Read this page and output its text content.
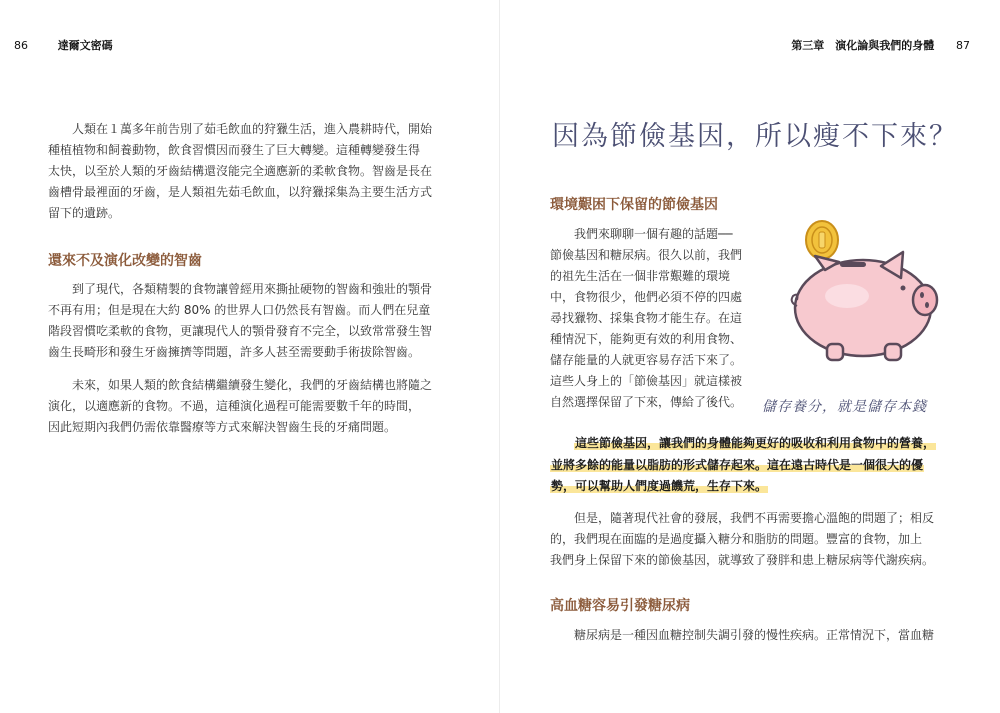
86	達爾文密碼
人類在１萬多年前告別了茹毛飲血的狩獵生活，進入農耕時代，開始
種植植物和飼養動物，飲食習慣因而發生了巨大轉變。這種轉變發生得
太快，以至於人類的牙齒結構還沒能完全適應新的柔軟食物。智齒是長在
齒槽骨最裡面的牙齒，是人類祖先茹毛飲血，以狩獵採集為主要生活方式
留下的遺跡。
還來不及演化改變的智齒
到了現代，各類精製的食物讓曾經用來撕扯硬物的智齒和強壯的顎骨
不再有用；但是現在大約 80% 的世界人口仍然長有智齒。而人們在兒童
階段習慣吃柔軟的食物，更讓現代人的顎骨發育不完全，以致常常發生智
齒生長畸形和發生牙齒擁擠等問題，許多人甚至需要動手術拔除智齒。
未來，如果人類的飲食結構繼續發生變化，我們的牙齒結構也將隨之
演化，以適應新的食物。不過，這種演化過程可能需要數千年的時間，
因此短期內我們仍需依靠醫療等方式來解決智齒生長的牙痛問題。
第三章　演化論與我們的身體 87
因為節儉基因，所以瘦不下來？
環境艱困下保留的節儉基因
我們來聊聊一個有趣的話題──
節儉基因和糖尿病。很久以前，我們
的祖先生活在一個非常艱難的環境
中，食物很少，他們必須不停的四處
尋找獵物、採集食物才能生存。在這
種情況下，能夠更有效的利用食物、
儲存能量的人就更容易存活下來了。
這些人身上的「節儉基因」就這樣被
自然選擇保留了下來，傳給了後代。 儲存養分，就是儲存本錢
這些節儉基因，讓我們的身體能夠更好的吸收和利用食物中的營養，
並將多餘的能量以脂肪的形式儲存起來。這在遠古時代是一個很大的優
勢，可以幫助人們度過饑荒，生存下來。
但是，隨著現代社會的發展，我們不再需要擔心溫飽的問題了；相反
的，我們現在面臨的是過度攝入糖分和脂肪的問題。豐富的食物，加上
我們身上保留下來的節儉基因，就導致了發胖和患上糖尿病等代謝疾病。
高血糖容易引發糖尿病
糖尿病是一種因血糖控制失調引發的慢性疾病。正常情況下，當血糖
